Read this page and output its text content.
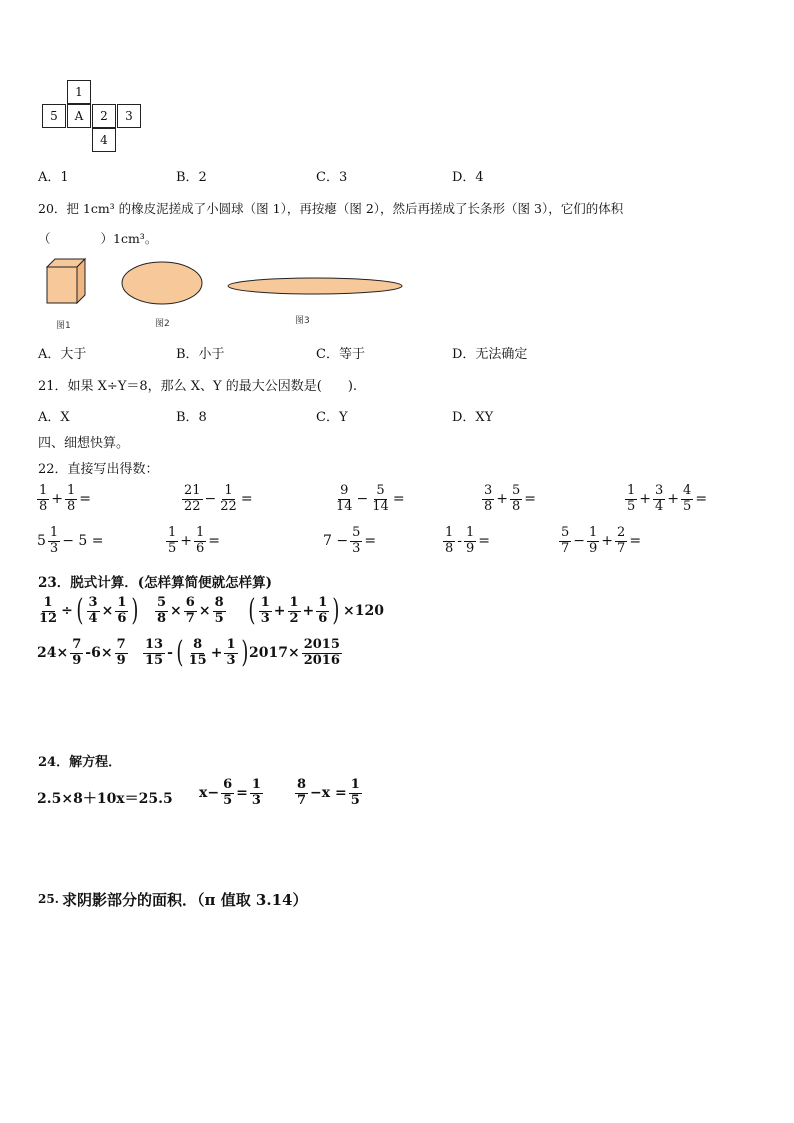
1
5	A	2	3
4
A．1	B．2	C．3	D．4
20．把 1cm³ 的橡皮泥搓成了小圆球（图 1），再按瘪（图 2），然后再搓成了长条形（图 3），它们的体积
（　　　　）1cm³。
图1	图2	图3
A．大于	B．小于	C．等于	D．无法确定
21．如果 X÷Y＝8，那么 X、Y 的最大公因数是(　　).
A．X	B．8	C．Y	D．XY
四、细想快算。
22．直接写出得数：
$\frac{1}{8} + \frac{1}{8}$ =	$\frac{21}{22} - \frac{1}{22}$ =	$\frac{9}{14} - \frac{5}{14}$ =	$\frac{3}{8} + \frac{5}{8}$ =	$\frac{1}{5} + \frac{3}{4} + \frac{4}{5}$ =
$5 \frac{1}{3} - 5$ =	$\frac{1}{5} + \frac{1}{6}$ =	$7 - \frac{5}{3}$ =	$\frac{1}{8} - \frac{1}{9}$ =	$\frac{5}{7} - \frac{1}{9} + \frac{2}{7}$ =
23．脱式计算．(怎样算简便就怎样算)
$\frac{1}{12}$ ÷ ( $\frac{3}{4} \times \frac{1}{6}$ ) $\frac{5}{8} \times \frac{6}{7} \times \frac{8}{5}$ ( $\frac{1}{3} + \frac{1}{2} + \frac{1}{6}$ ) ×120
$24\times \frac{7}{9} -6\times \frac{7}{9} \frac{13}{15}$ - ( $\frac{8}{15} + \frac{1}{3}$ ) $2017\times \frac{2015}{2016}$
24．解方程．
2.5×8＋10x＝25.5 $x- \frac{6}{5} = \frac{1}{3} \frac{8}{7} -x = \frac{1}{5}$
25. 求阴影部分的面积．（π 值取 3.14）
